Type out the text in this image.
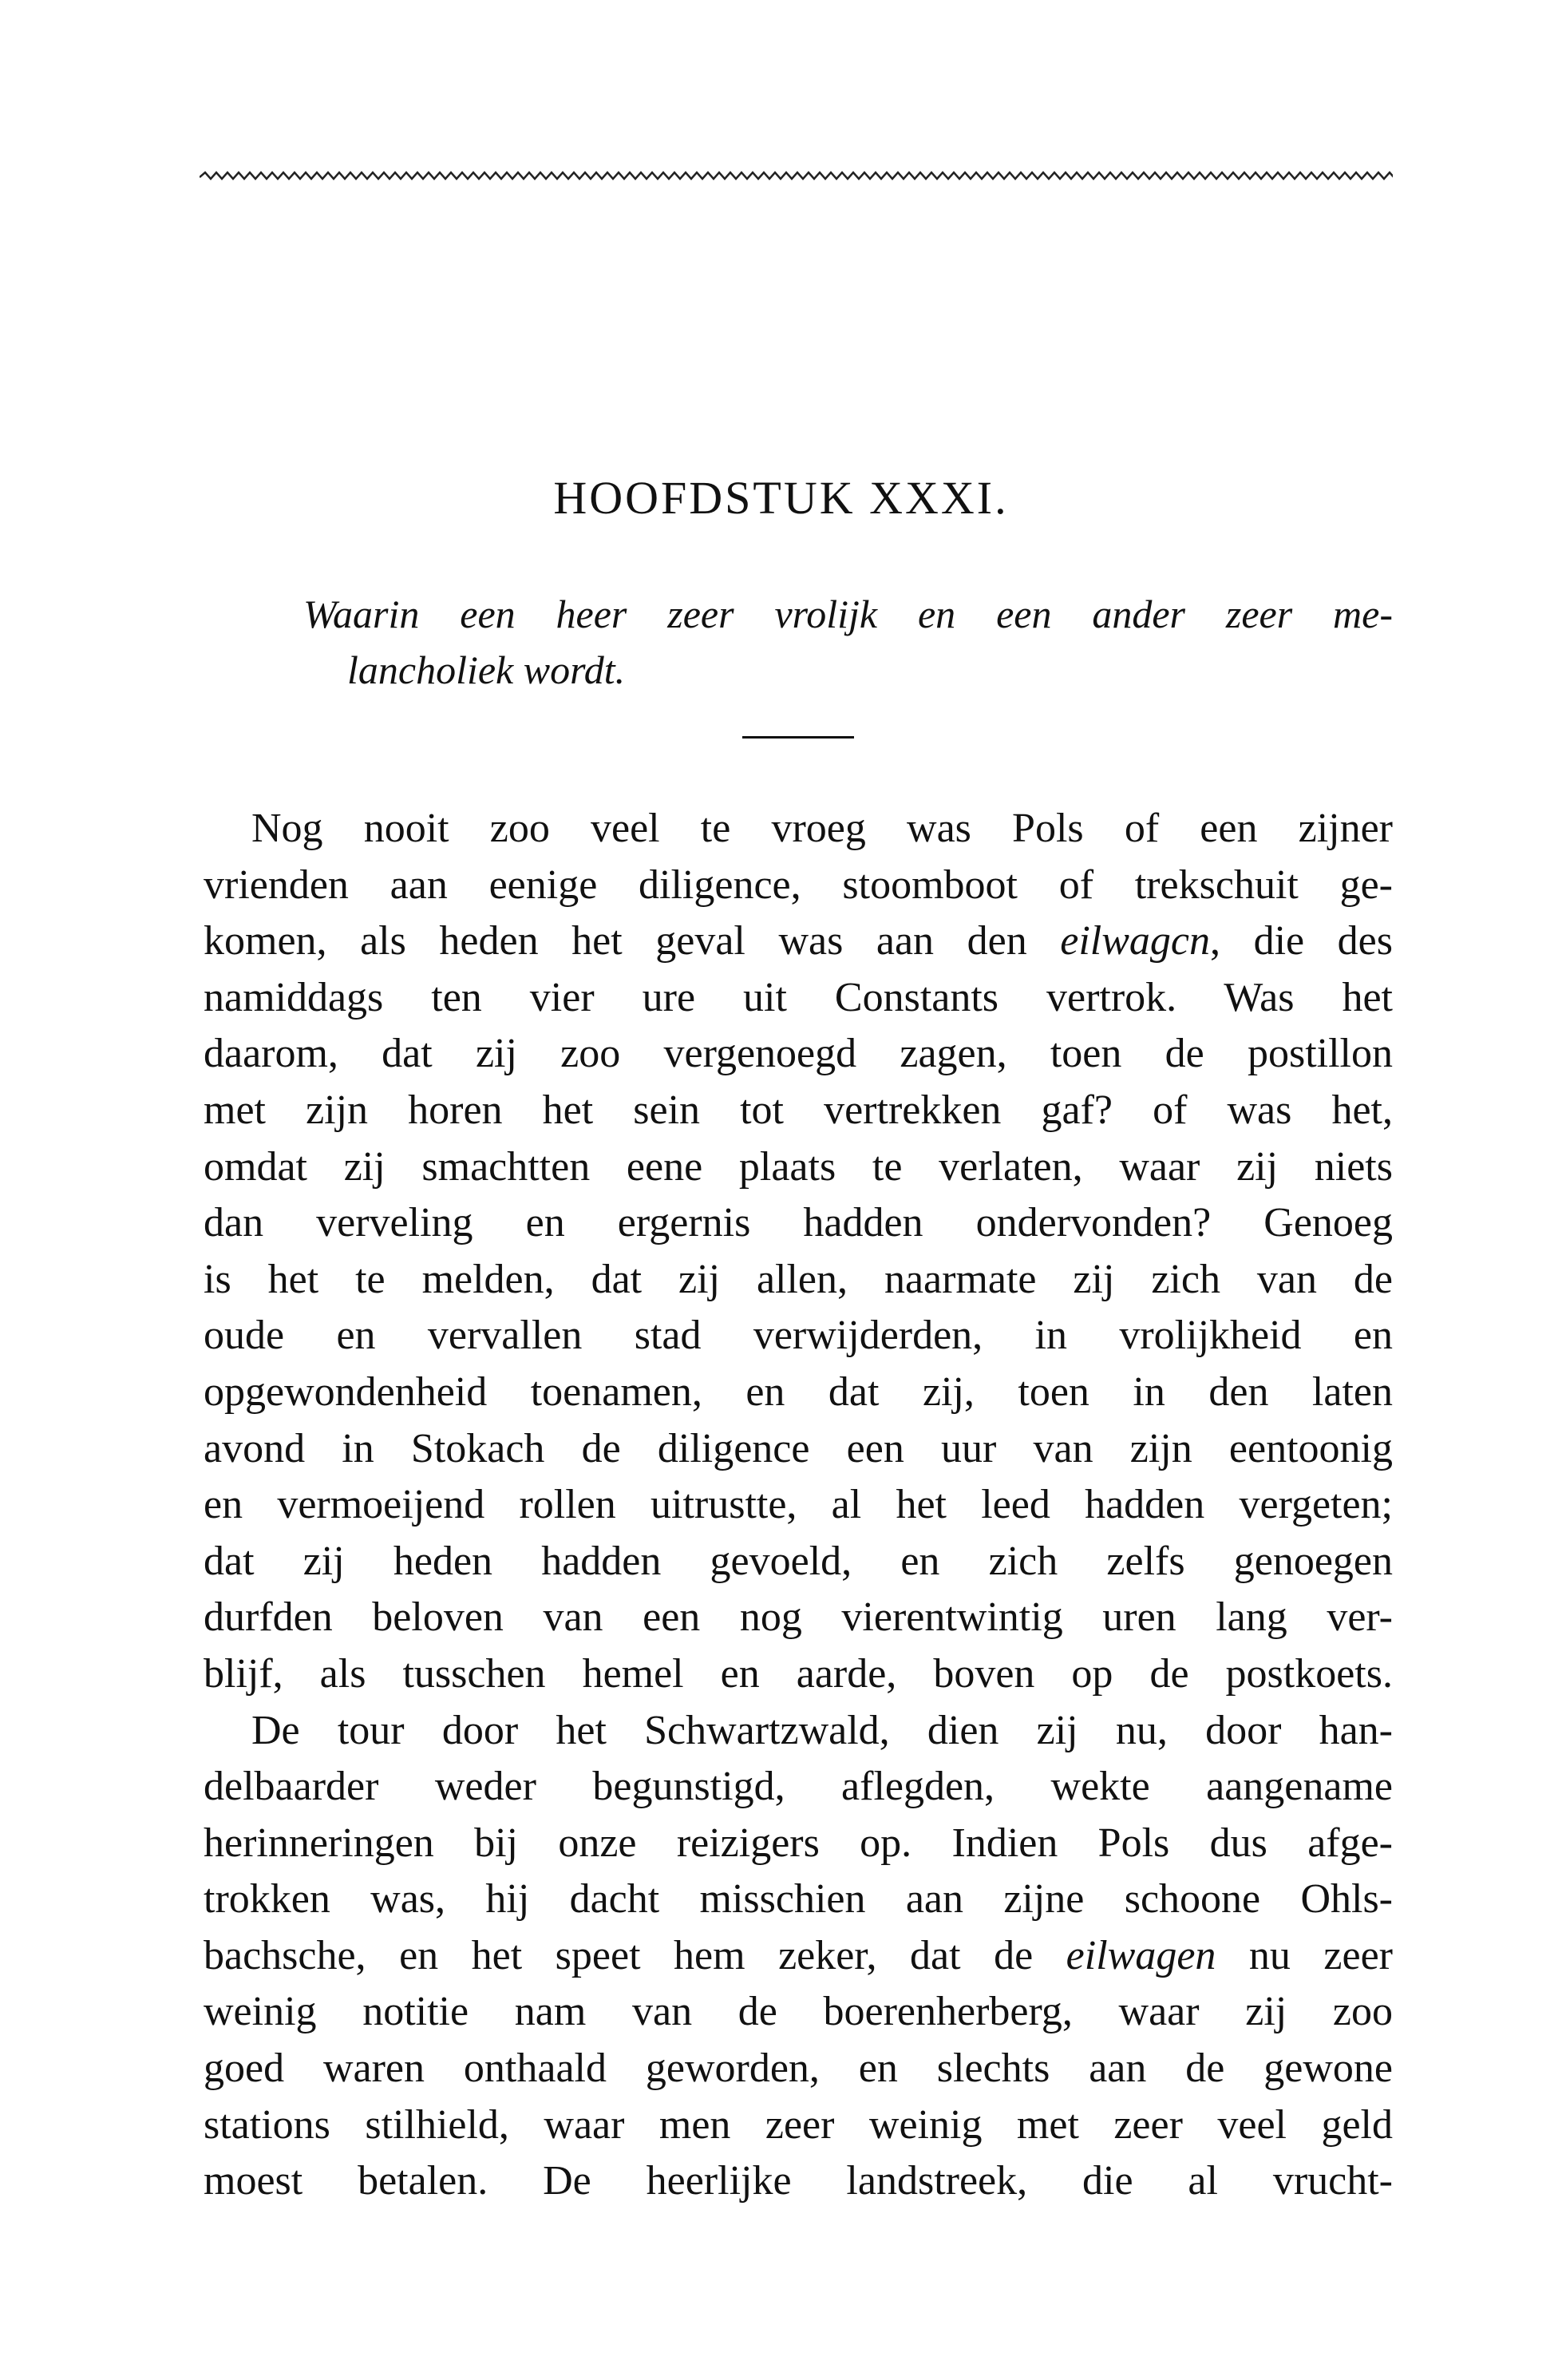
HOOFDSTUK XXXI.
Waarin een heer zeer vrolijk en een ander zeer me-
lancholiek wordt.
Nog nooit zoo veel te vroeg was Pols of een zijner
vrienden aan eenige diligence, stoomboot of trekschuit ge-
komen, als heden het geval was aan den eilwagcn, die des
namiddags ten vier ure uit Constants vertrok. Was het
daarom, dat zij zoo vergenoegd zagen, toen de postillon
met zijn horen het sein tot vertrekken gaf? of was het,
omdat zij smachtten eene plaats te verlaten, waar zij niets
dan verveling en ergernis hadden ondervonden? Genoeg
is het te melden, dat zij allen, naarmate zij zich van de
oude en vervallen stad verwijderden, in vrolijkheid en
opgewondenheid toenamen, en dat zij, toen in den laten
avond in Stokach de diligence een uur van zijn eentoonig
en vermoeijend rollen uitrustte, al het leed hadden vergeten;
dat zij heden hadden gevoeld, en zich zelfs genoegen
durfden beloven van een nog vierentwintig uren lang ver-
blijf, als tusschen hemel en aarde, boven op de postkoets.
De tour door het Schwartzwald, dien zij nu, door han-
delbaarder weder begunstigd, aflegden, wekte aangename
herinneringen bij onze reizigers op. Indien Pols dus afge-
trokken was, hij dacht misschien aan zijne schoone Ohls-
bachsche, en het speet hem zeker, dat de eilwagen nu zeer
weinig notitie nam van de boerenherberg, waar zij zoo
goed waren onthaald geworden, en slechts aan de gewone
stations stilhield, waar men zeer weinig met zeer veel geld
moest betalen. De heerlijke landstreek, die al vrucht-
